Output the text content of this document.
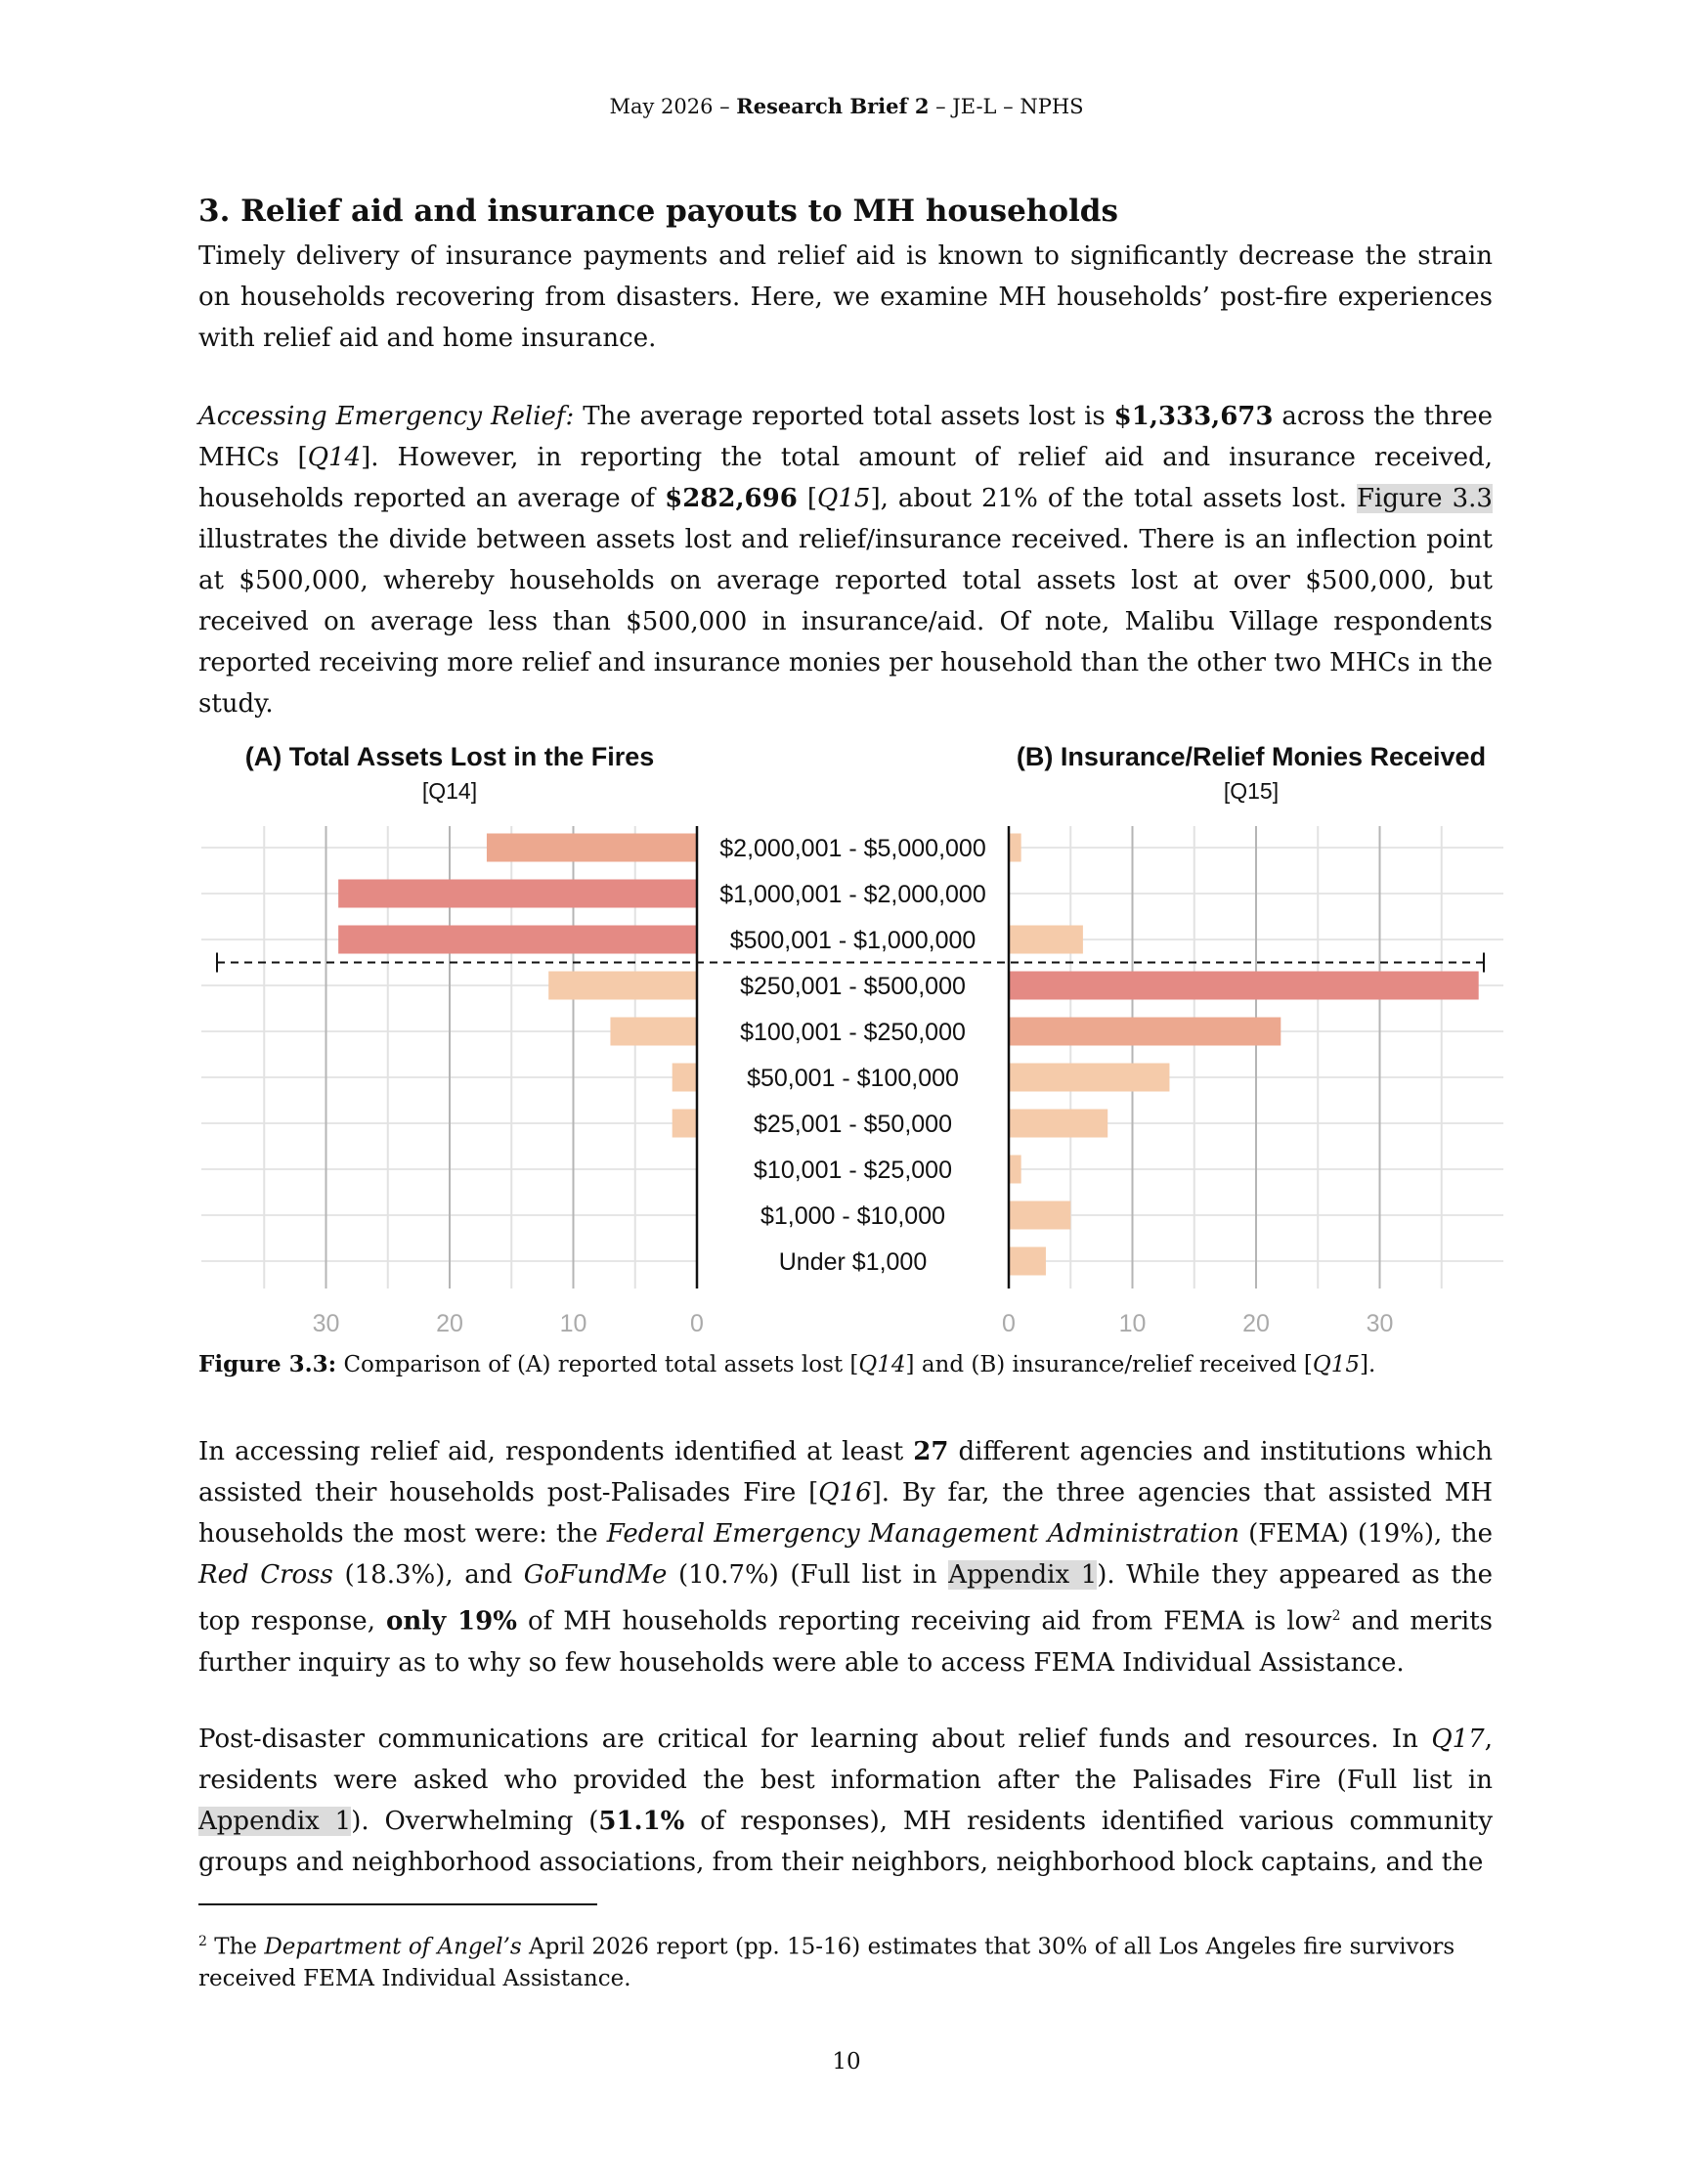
May 2026 – Research Brief 2 – JE-L – NPHS
3. Relief aid and insurance payouts to MH households

Timely delivery of insurance payments and relief aid is known to significantly decrease the strain on households recovering from disasters. Here, we examine MH households’ post-fire experiences with relief aid and home insurance.

Accessing Emergency Relief: The average reported total assets lost is $1,333,673 across the three MHCs [Q14]. However, in reporting the total amount of relief aid and insurance received, households reported an average of $282,696 [Q15], about 21% of the total assets lost. Figure 3.3 illustrates the divide between assets lost and relief/insurance received. There is an inflection point at $500,000, whereby households on average reported total assets lost at over $500,000, but received on average less than $500,000 in insurance/aid. Of note, Malibu Village respondents reported receiving more relief and insurance monies per household than the other two MHCs in the study.

$2,000,001 - $5,000,000
$1,000,001 - $2,000,000
$500,001 - $1,000,000
$250,001 - $500,000
$100,001 - $250,000
$50,001 - $100,000
$25,001 - $50,000
$10,001 - $25,000
$1,000 - $10,000
Under $1,000
30	20	10	0	0	10	20	30
(A) Total Assets Lost in the Fires
[Q14]
(B) Insurance/Relief Monies Received
[Q15]
Figure 3.3: Comparison of (A) reported total assets lost [Q14] and (B) insurance/relief received [Q15].

In accessing relief aid, respondents identified at least 27 different agencies and institutions which assisted their households post-Palisades Fire [Q16]. By far, the three agencies that assisted MH households the most were: the Federal Emergency Management Administration (FEMA) (19%), the Red Cross (18.3%), and GoFundMe (10.7%) (Full list in Appendix 1). While they appeared as the top response, only 19% of MH households reporting receiving aid from FEMA is low$^2$ and merits further inquiry as to why so few households were able to access FEMA Individual Assistance.

Post-disaster communications are critical for learning about relief funds and resources. In Q17, residents were asked who provided the best information after the Palisades Fire (Full list in Appendix 1). Overwhelming (51.1% of responses), MH residents identified various community groups and neighborhood associations, from their neighbors, neighborhood block captains, and the

$^2$ The Department of Angel’s April 2026 report (pp. 15-16) estimates that 30% of all Los Angeles fire survivors received FEMA Individual Assistance.
10
